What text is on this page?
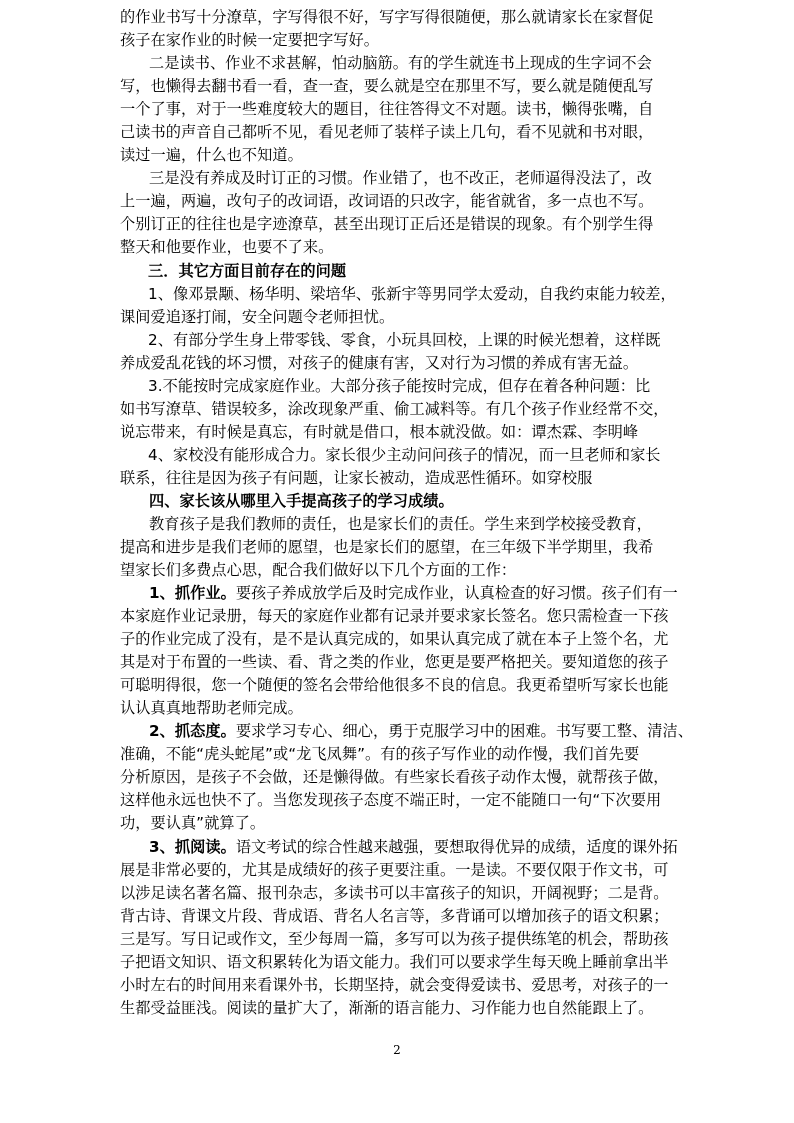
的作业书写十分潦草，字写得很不好，写字写得很随便，那么就请家长在家督促
孩子在家作业的时候一定要把字写好。
二是读书、作业不求甚解，怕动脑筋。有的学生就连书上现成的生字词不会
写，也懒得去翻书看一看，查一查，要么就是空在那里不写，要么就是随便乱写
一个了事，对于一些难度较大的题目，往往答得文不对题。读书，懒得张嘴，自
己读书的声音自己都听不见，看见老师了装样子读上几句，看不见就和书对眼，
读过一遍，什么也不知道。
三是没有养成及时订正的习惯。作业错了，也不改正，老师逼得没法了，改
上一遍，两遍，改句子的改词语，改词语的只改字，能省就省，多一点也不写。
个别订正的往往也是字迹潦草，甚至出现订正后还是错误的现象。有个别学生得
整天和他要作业，也要不了来。
三．其它方面目前存在的问题
1、像邓景颙、杨华明、梁培华、张新宇等男同学太爱动，自我约束能力较差，
课间爱追逐打闹，安全问题令老师担忧。
2、有部分学生身上带零钱、零食，小玩具回校，上课的时候光想着，这样既
养成爱乱花钱的坏习惯，对孩子的健康有害，又对行为习惯的养成有害无益。
3.不能按时完成家庭作业。大部分孩子能按时完成，但存在着各种问题：比
如书写潦草、错误较多，涂改现象严重、偷工减料等。有几个孩子作业经常不交，
说忘带来，有时候是真忘，有时就是借口，根本就没做。如：谭杰霖、李明峰
4、家校没有能形成合力。家长很少主动问问孩子的情况，而一旦老师和家长
联系，往往是因为孩子有问题，让家长被动，造成恶性循环。如穿校服
四、家长该从哪里入手提高孩子的学习成绩。
教育孩子是我们教师的责任，也是家长们的责任。学生来到学校接受教育，
提高和进步是我们老师的愿望，也是家长们的愿望，在三年级下半学期里，我希
望家长们多费点心思，配合我们做好以下几个方面的工作：
1、抓作业。要孩子养成放学后及时完成作业，认真检查的好习惯。孩子们有一
本家庭作业记录册，每天的家庭作业都有记录并要求家长签名。您只需检查一下孩
子的作业完成了没有，是不是认真完成的，如果认真完成了就在本子上签个名，尤
其是对于布置的一些读、看、背之类的作业，您更是要严格把关。要知道您的孩子
可聪明得很，您一个随便的签名会带给他很多不良的信息。我更希望听写家长也能
认认真真地帮助老师完成。
2、抓态度。要求学习专心、细心，勇于克服学习中的困难。书写要工整、清洁、
准确，不能“虎头蛇尾”或“龙飞凤舞”。有的孩子写作业的动作慢，我们首先要
分析原因，是孩子不会做，还是懒得做。有些家长看孩子动作太慢，就帮孩子做，
这样他永远也快不了。当您发现孩子态度不端正时，一定不能随口一句“下次要用
功，要认真”就算了。
3、抓阅读。语文考试的综合性越来越强，要想取得优异的成绩，适度的课外拓
展是非常必要的，尤其是成绩好的孩子更要注重。一是读。不要仅限于作文书，可
以涉足读名著名篇、报刊杂志，多读书可以丰富孩子的知识，开阔视野；二是背。
背古诗、背课文片段、背成语、背名人名言等，多背诵可以增加孩子的语文积累；
三是写。写日记或作文，至少每周一篇，多写可以为孩子提供练笔的机会，帮助孩
子把语文知识、语文积累转化为语文能力。我们可以要求学生每天晚上睡前拿出半
小时左右的时间用来看课外书，长期坚持，就会变得爱读书、爱思考，对孩子的一
生都受益匪浅。阅读的量扩大了，渐渐的语言能力、习作能力也自然能跟上了。
2
